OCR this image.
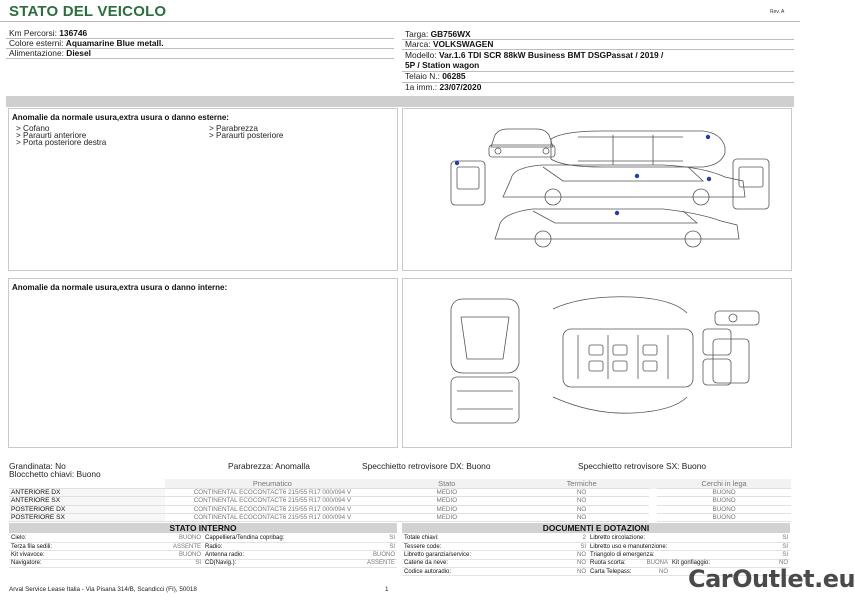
STATO DEL VEICOLO	Rev. A
Km Percorsi: 136746
Colore esterni: Aquamarine Blue metall.
Alimentazione: Diesel
Targa: GB756WX
Marca: VOLKSWAGEN
Modello: Var.1.6 TDI SCR 88kW Business BMT DSGPassat / 2019 /
5P / Station wagon
Telaio N.: 06285
1a imm.: 23/07/2020
Anomalie da normale usura,extra usura o danno esterne:
> Cofano
> Paraurti anteriore
> Porta posteriore destra
> Parabrezza
> Paraurti posteriore
Anomalie da normale usura,extra usura o danno interne:
Grandinata: No
Blocchetto chiavi: Buono
Parabrezza: Anomalla	Specchietto retrovisore DX: Buono	Specchietto retrovisore SX: Buono
	Pneumatico	Stato	Termiche		Cerchi in lega
ANTERIORE DX	CONTINENTAL ECOCONTACT6 215/55 R17 000/094 V	MEDIO	NO		BUONO
ANTERIORE SX	CONTINENTAL ECOCONTACT6 215/55 R17 000/094 V	MEDIO	NO		BUONO
POSTERIORE DX	CONTINENTAL ECOCONTACT6 215/55 R17 000/094 V	MEDIO	NO		BUONO
POSTERIORE SX	CONTINENTAL ECOCONTACT6 215/55 R17 000/094 V	MEDIO	NO		BUONO
STATO INTERNO
Cielo:	BUONO	Cappelliera/Tendina copribag:	SI
Terza fila sedili:	ASSENTE	Radio:	SI
Kit vivavoce:	BUONO	Antenna radio:	BUONO
Navigatore:	SI	CD(Navig.):	ASSENTE
DOCUMENTI E DOTAZIONI
Totale chiavi:	2	Libretto circolazione:			SI
Tessere code:	SI	Libretto uso e manutenzione:			SI
Libretto garanzia/service:	NO	Triangolo di emergenza:			SI
Catene da neve:	NO	Ruota scorta:	BUONA	Kit gonfiaggio:	NO
Codice autoradio:	NO	Carta Telepass:	NO		
Arval Service Lease Italia - Via Pisana 314/B, Scandicci (FI), 50018	1	CarOutlet.eu
